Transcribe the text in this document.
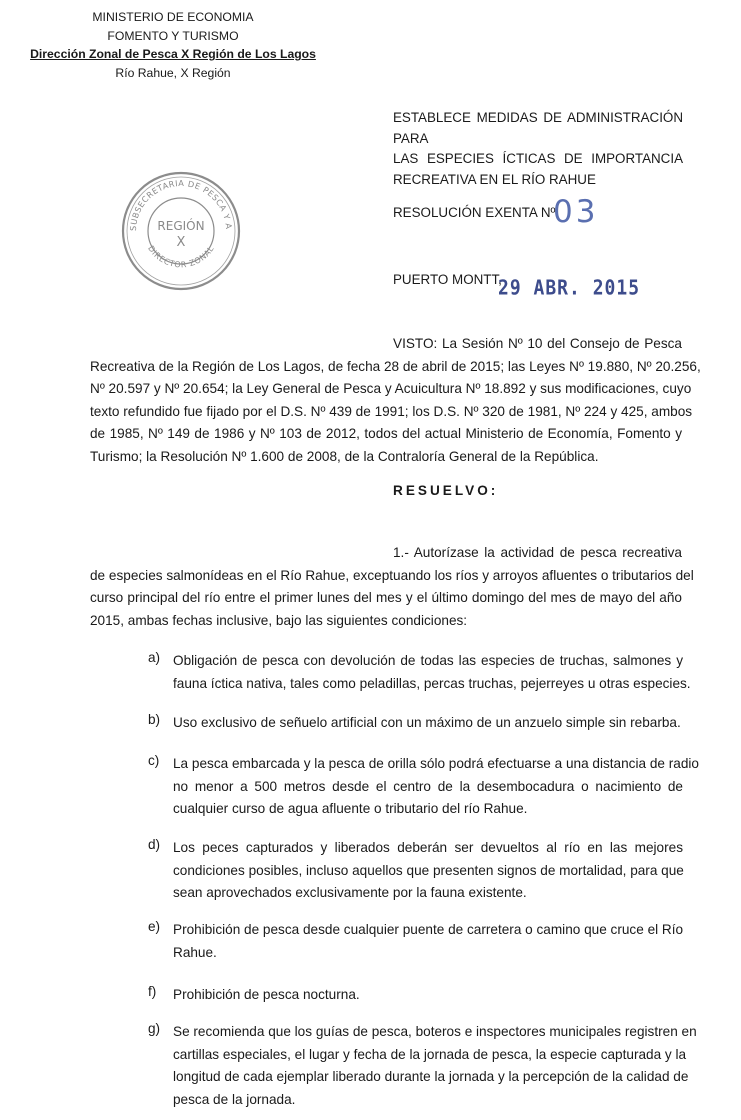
MINISTERIO DE ECONOMIA
FOMENTO Y TURISMO
Dirección Zonal de Pesca X Región de Los Lagos
Río Rahue, X Región
ESTABLECE MEDIDAS DE ADMINISTRACIÓN PARA
LAS ESPECIES ÍCTICAS DE IMPORTANCIA
RECREATIVA EN EL RÍO RAHUE
SUBSECRETARIA DE PESCA Y A
REGIÓN
X
DIRECTOR ZONAL
RESOLUCIÓN EXENTA Nº
03
PUERTO MONTT,
29 ABR. 2015
VISTO: La Sesión Nº 10 del Consejo de Pesca
Recreativa de la Región de Los Lagos, de fecha 28 de abril de 2015; las Leyes Nº 19.880, Nº 20.256,
Nº 20.597 y Nº 20.654; la Ley General de Pesca y Acuicultura Nº 18.892 y sus modificaciones, cuyo
texto refundido fue fijado por el D.S. Nº 439 de 1991; los D.S. Nº 320 de 1981, Nº 224 y 425, ambos
de 1985, Nº 149 de 1986 y Nº 103 de 2012, todos del actual Ministerio de Economía, Fomento y
Turismo; la Resolución Nº 1.600 de 2008, de la Contraloría General de la República.
RESUELVO:
1.- Autorízase la actividad de pesca recreativa
de especies salmonídeas en el Río Rahue, exceptuando los ríos y arroyos afluentes o tributarios del
curso principal del río entre el primer lunes del mes y el último domingo del mes de mayo del año
2015, ambas fechas inclusive, bajo las siguientes condiciones:
a) Obligación de pesca con devolución de todas las especies de truchas, salmones y
fauna íctica nativa, tales como peladillas, percas truchas, pejerreyes u otras especies.
b) Uso exclusivo de señuelo artificial con un máximo de un anzuelo simple sin rebarba.
c) La pesca embarcada y la pesca de orilla sólo podrá efectuarse a una distancia de radio
no menor a 500 metros desde el centro de la desembocadura o nacimiento de
cualquier curso de agua afluente o tributario del río Rahue.
d) Los peces capturados y liberados deberán ser devueltos al río en las mejores
condiciones posibles, incluso aquellos que presenten signos de mortalidad, para que
sean aprovechados exclusivamente por la fauna existente.
e) Prohibición de pesca desde cualquier puente de carretera o camino que cruce el Río
Rahue.
f) Prohibición de pesca nocturna.
g) Se recomienda que los guías de pesca, boteros e inspectores municipales registren en
cartillas especiales, el lugar y fecha de la jornada de pesca, la especie capturada y la
longitud de cada ejemplar liberado durante la jornada y la percepción de la calidad de
pesca de la jornada.
